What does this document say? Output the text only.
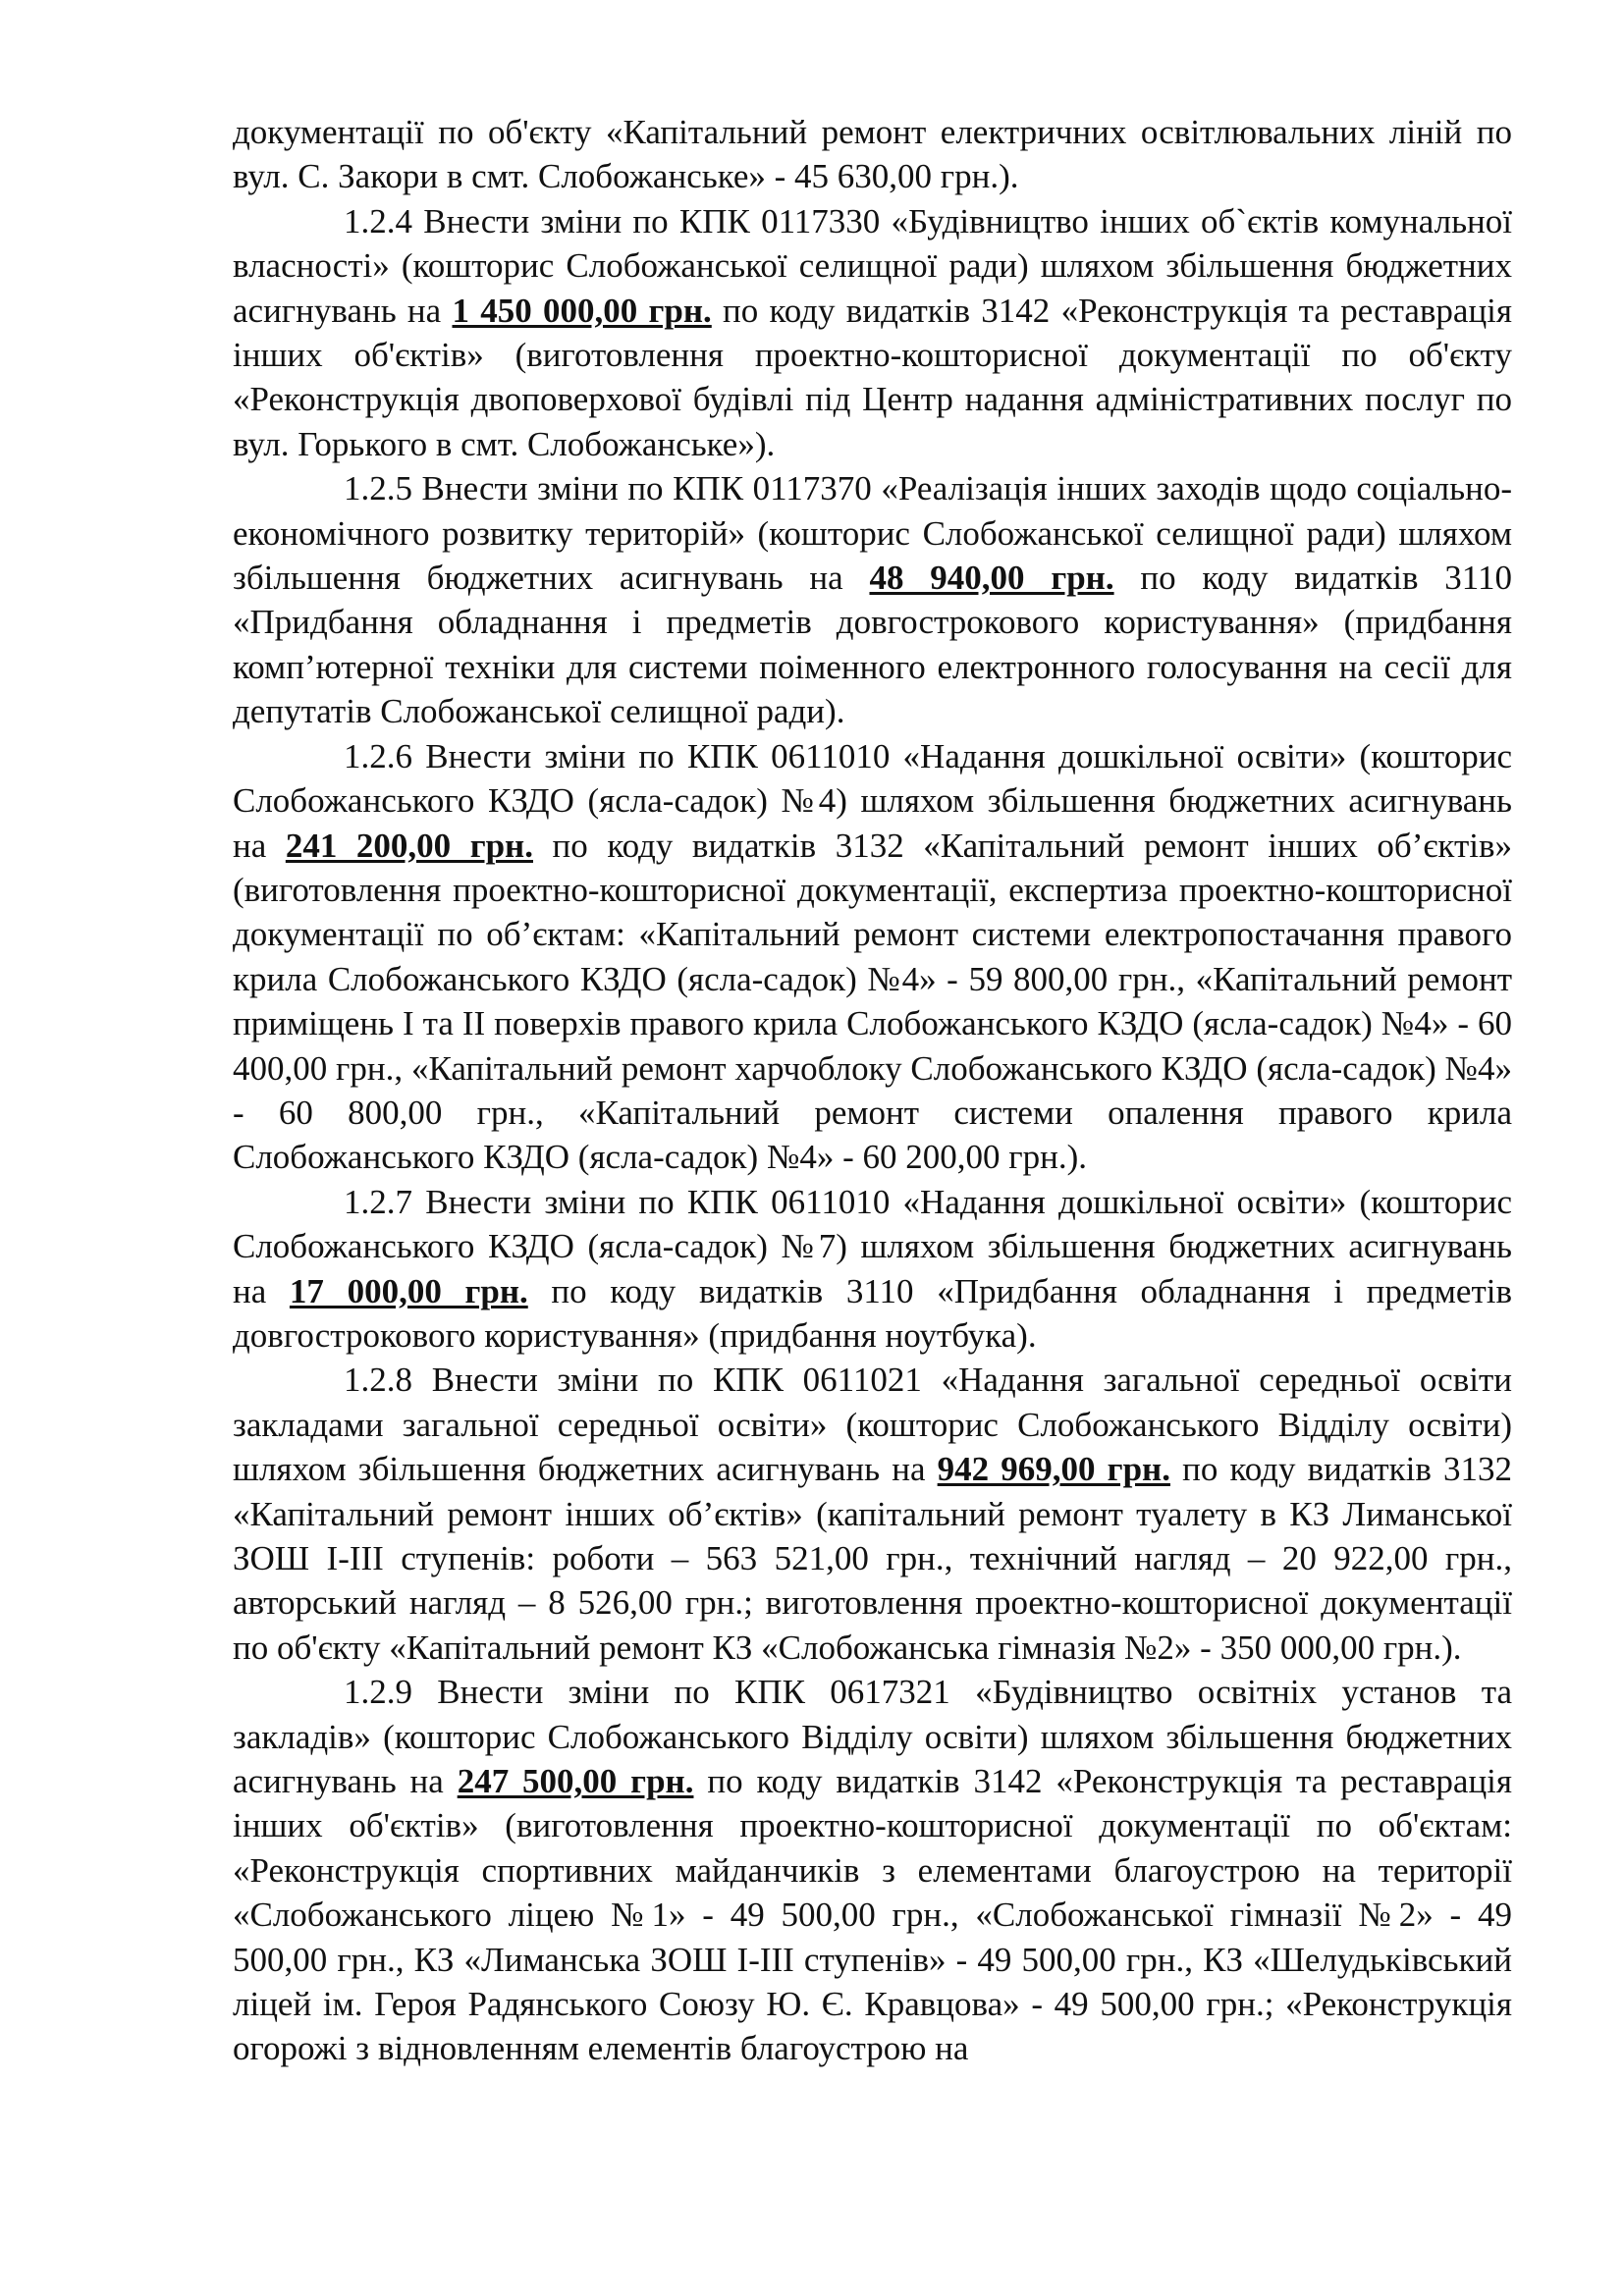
документації по об'єкту «Капітальний ремонт електричних освітлювальних ліній по вул. С. Закори в смт. Слобожанське» - 45 630,00 грн.).

1.2.4 Внести зміни по КПК 0117330 «Будівництво інших об`єктів комунальної власності» (кошторис Слобожанської селищної ради) шляхом збільшення бюджетних асигнувань на 1 450 000,00 грн. по коду видатків 3142 «Реконструкція та реставрація інших об'єктів» (виготовлення проектно-кошторисної документації по об'єкту «Реконструкція двоповерхової будівлі під Центр надання адміністративних послуг по вул. Горького в смт. Слобожанське»).

1.2.5 Внести зміни по КПК 0117370 «Реалізація інших заходів щодо соціально-економічного розвитку територій» (кошторис Слобожанської селищної ради) шляхом збільшення бюджетних асигнувань на 48 940,00 грн. по коду видатків 3110 «Придбання обладнання і предметів довгострокового користування» (придбання комп’ютерної техніки для системи поіменного електронного голосування на сесії для депутатів Слобожанської селищної ради).

1.2.6 Внести зміни по КПК 0611010 «Надання дошкільної освіти» (кошторис Слобожанського КЗДО (ясла-садок) №4) шляхом збільшення бюджетних асигнувань на 241 200,00 грн. по коду видатків 3132 «Капітальний ремонт інших об’єктів» (виготовлення проектно-кошторисної документації, експертиза проектно-кошторисної документації по об’єктам: «Капітальний ремонт системи електропостачання правого крила Слобожанського КЗДО (ясла-садок) №4» - 59 800,00 грн., «Капітальний ремонт приміщень І та ІІ поверхів правого крила Слобожанського КЗДО (ясла-садок) №4» - 60 400,00 грн., «Капітальний ремонт харчоблоку Слобожанського КЗДО (ясла-садок) №4» - 60 800,00 грн., «Капітальний ремонт системи опалення правого крила Слобожанського КЗДО (ясла-садок) №4» - 60 200,00 грн.).

1.2.7 Внести зміни по КПК 0611010 «Надання дошкільної освіти» (кошторис Слобожанського КЗДО (ясла-садок) №7) шляхом збільшення бюджетних асигнувань на 17 000,00 грн. по коду видатків 3110 «Придбання обладнання і предметів довгострокового користування» (придбання ноутбука).

1.2.8 Внести зміни по КПК 0611021 «Надання загальної середньої освіти закладами загальної середньої освіти» (кошторис Слобожанського Відділу освіти) шляхом збільшення бюджетних асигнувань на 942 969,00 грн. по коду видатків 3132 «Капітальний ремонт інших об’єктів» (капітальний ремонт туалету в КЗ Лиманської ЗОШ І-ІІІ ступенів: роботи – 563 521,00 грн., технічний нагляд – 20 922,00 грн., авторський нагляд – 8 526,00 грн.; виготовлення проектно-кошторисної документації по об'єкту «Капітальний ремонт КЗ «Слобожанська гімназія №2» - 350 000,00 грн.).

1.2.9 Внести зміни по КПК 0617321 «Будівництво освітніх установ та закладів» (кошторис Слобожанського Відділу освіти) шляхом збільшення бюджетних асигнувань на 247 500,00 грн. по коду видатків 3142 «Реконструкція та реставрація інших об'єктів» (виготовлення проектно-кошторисної документації по об'єктам: «Реконструкція спортивних майданчиків з елементами благоустрою на території «Слобожанського ліцею №1» - 49 500,00 грн., «Слобожанської гімназії №2» - 49 500,00 грн., КЗ «Лиманська ЗОШ І-ІІІ ступенів» - 49 500,00 грн., КЗ «Шелудьківський ліцей ім. Героя Радянського Союзу Ю. Є. Кравцова» - 49 500,00 грн.; «Реконструкція огорожі з відновленням елементів благоустрою на
